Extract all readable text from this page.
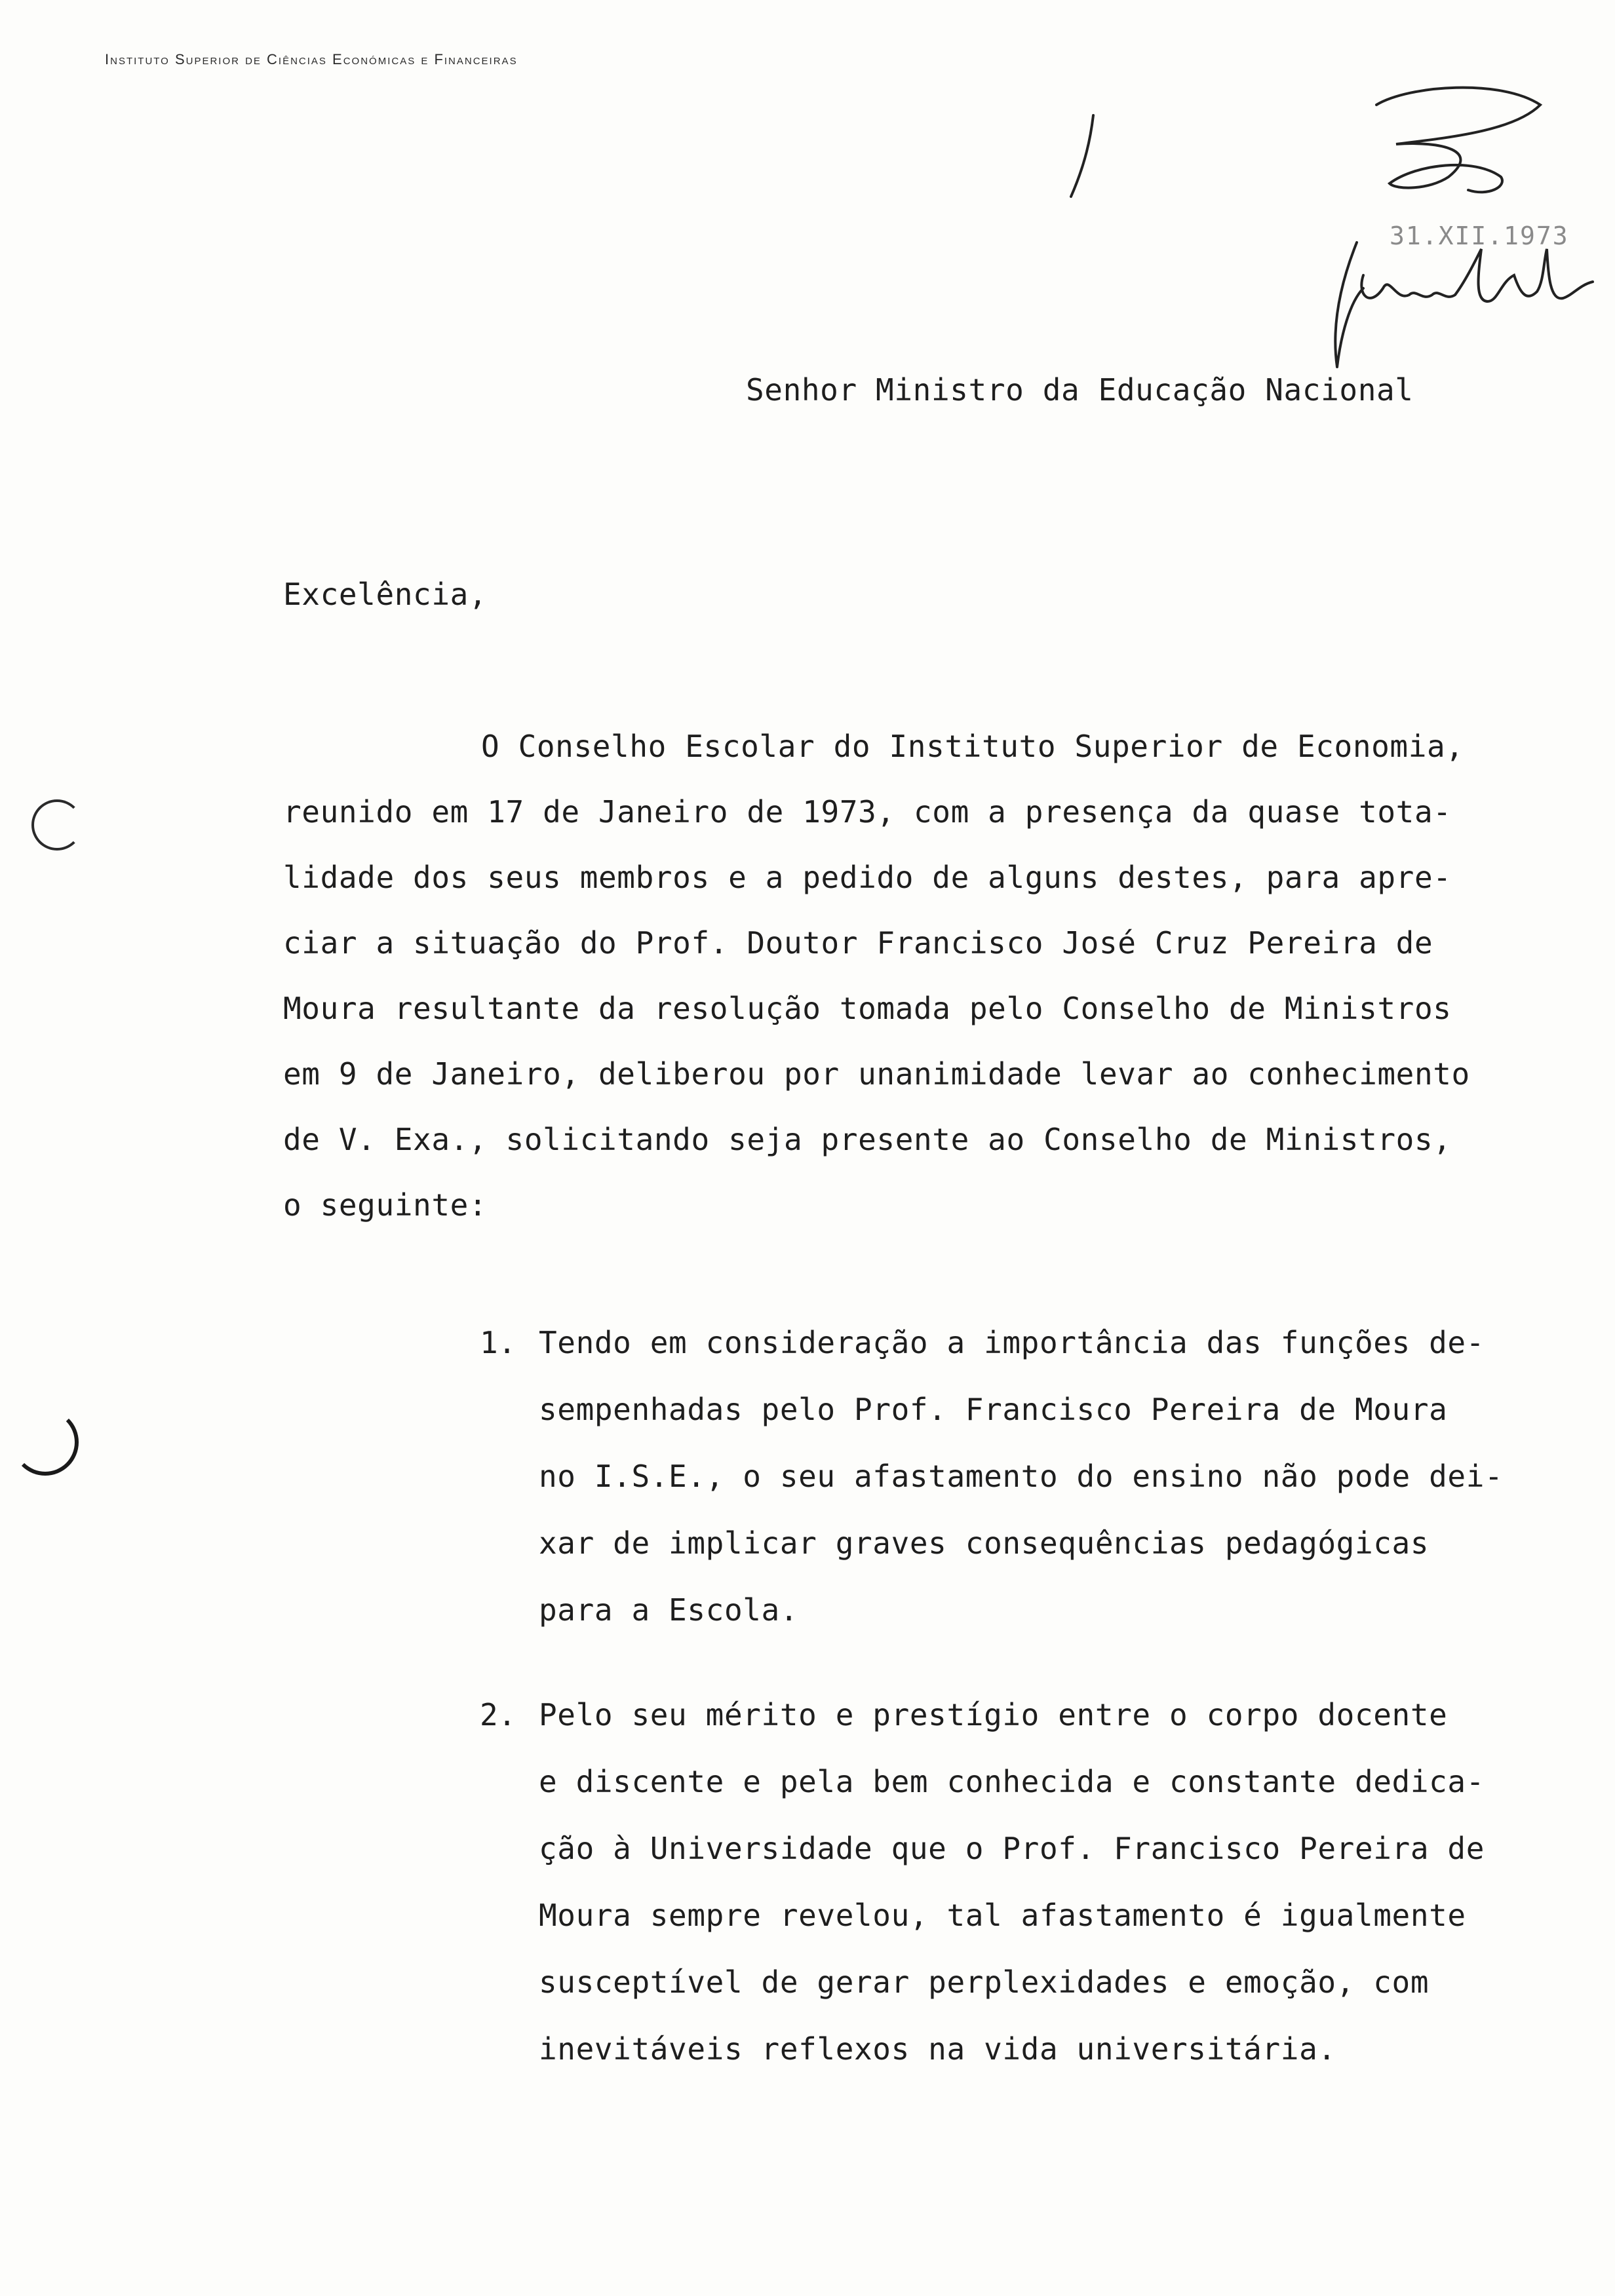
Instituto Superior de Ciências Económicas e Financeiras
31.XII.1973
Senhor Ministro da Educação Nacional
Excelência,
O Conselho Escolar do Instituto Superior de Economia,
reunido em 17 de Janeiro de 1973, com a presença da quase tota-
lidade dos seus membros e a pedido de alguns destes, para apre-
ciar a situação do Prof. Doutor Francisco José Cruz Pereira de
Moura resultante da resolução tomada pelo Conselho de Ministros
em 9 de Janeiro, deliberou por unanimidade levar ao conhecimento
de V. Exa., solicitando seja presente ao Conselho de Ministros,
o seguinte:
1. Tendo em consideração a importância das funções de-
sempenhadas pelo Prof. Francisco Pereira de Moura
no I.S.E., o seu afastamento do ensino não pode dei-
xar de implicar graves consequências pedagógicas
para a Escola.
2. Pelo seu mérito e prestígio entre o corpo docente
e discente e pela bem conhecida e constante dedica-
ção à Universidade que o Prof. Francisco Pereira de
Moura sempre revelou, tal afastamento é igualmente
susceptível de gerar perplexidades e emoção, com
inevitáveis reflexos na vida universitária.
